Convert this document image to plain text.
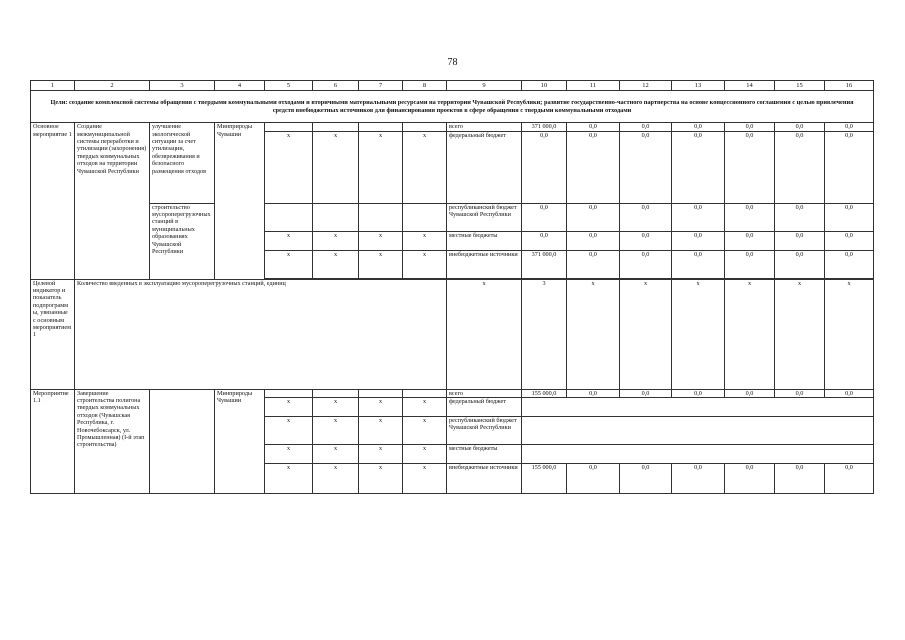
78
1	2	3	4	5	6	7	8	9	10	11	12	13	14	15	16
Цели: создание комплексной системы обращения с твердыми коммунальными отходами и вторичными материальными ресурсами на территории Чувашской Республики; развитие государственно-частного партнерства на основе концессионного соглашения с целью привлечения средств внебюджетных источников для финансирования проектов в сфере обращения с твердыми коммунальными отходами															
Основное мероприятие 1	Создание межмуниципальной системы переработки и утилизации (захоронения) твердых коммунальных отходов на территории Чувашской Республики	улучшение экологической ситуации за счет утилизации, обезвреживания и безопасного размещения отходов	Минприроды Чувашии					всего	371 000,0	0,0	0,0	0,0	0,0	0,0	0,0
				x	x	x	x	федеральный бюджет	0,0	0,0	0,0	0,0	0,0	0,0	0,0
		строительство мусороперегрузочных станций в муниципальных образованиях Чувашской Республики						республиканский бюджет Чувашской Республики	0,0	0,0	0,0	0,0	0,0	0,0	0,0
				x	x	x	x	местные бюджеты	0,0	0,0	0,0	0,0	0,0	0,0	0,0
				x	x	x	x	внебюджетные источники	371 000,0	0,0	0,0	0,0	0,0	0,0	0,0

Целевой индикатор и показатель подпрограммы, увязанные с основным мероприятием 1	Количество введенных в эксплуатацию мусороперегрузочных станций, единиц							x	3	x	x	x	x	x	x
Мероприятие 1.1	Завершение строительства полигона твердых коммунальных отходов (Чувашская Республика, г. Новочебоксарск, ул. Промышленная) (I-й этап строительства)		Минприроды Чувашии					всего	155 000,0	0,0	0,0	0,0	0,0	0,0	0,0
				x	x	x	x	федеральный бюджет							
				x	x	x	x	республиканский бюджет Чувашской Республики							
				x	x	x	x	местные бюджеты							
				x	x	x	x	внебюджетные источники	155 000,0	0,0	0,0	0,0	0,0	0,0	0,0
